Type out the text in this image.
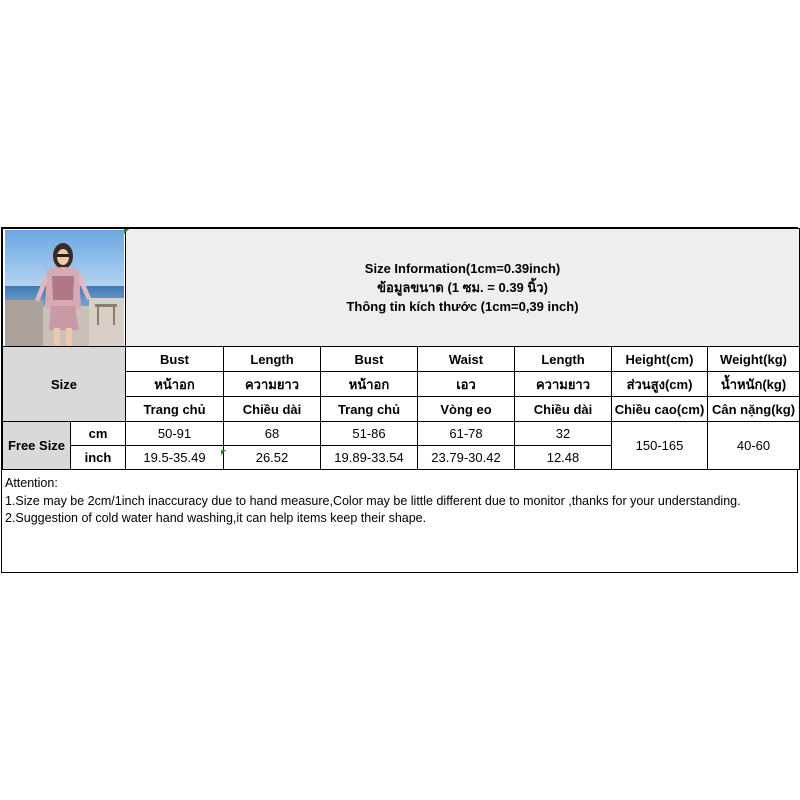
Size Information(1cm=0.39inch)
ข้อมูลขนาด (1 ซม. = 0.39 นิ้ว)
Thông tin kích thước (1cm=0,39 inch)						

Size		Bust	Length	Bust	Waist	Length	Height(cm)	Weight(kg)
		หน้าอก	ความยาว	หน้าอก	เอว	ความยาว	ส่วนสูง(cm)	น้ำหนัก(kg)
		Trang chủ	Chiều dài	Trang chủ	Vòng eo	Chiều dài	Chiều cao(cm)	Cân nặng(kg)
Free Size	cm	50-91	68	51-86	61-78	32	150-165	40-60
	inch	19.5-35.49	26.52	19.89-33.54	23.79-30.42	12.48		
Attention:
1.Size may be 2cm/1inch inaccuracy due to hand measure,Color may be little different due to monitor ,thanks for your understanding.
2.Suggestion of cold water hand washing,it can help items keep their shape.
